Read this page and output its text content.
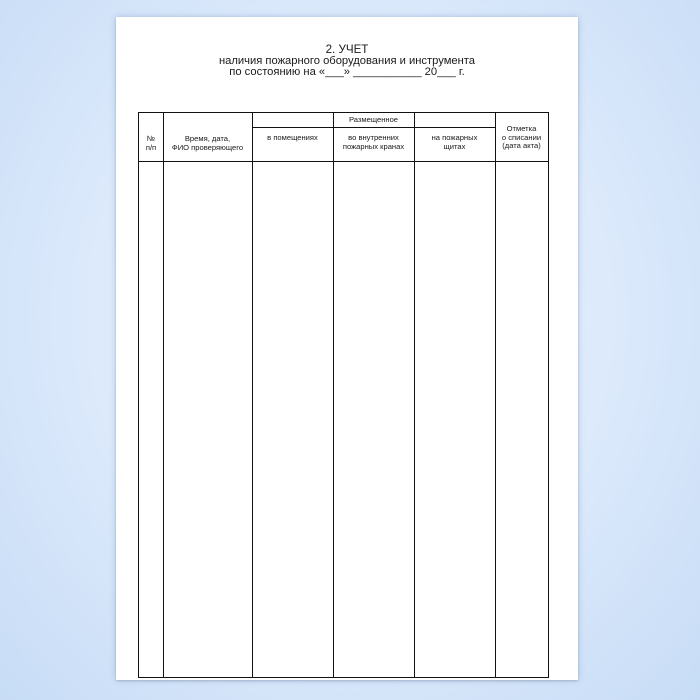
2. УЧЕТ
наличия пожарного оборудования и инструмента
по состоянию на «___» ___________ 20___ г.
№
п/п
Время, дата,
ФИО проверяющего
Размещенное
в помещениях	во внутренних
пожарных кранах
на пожарных
щитах
Отметка
о списании
(дата акта)
